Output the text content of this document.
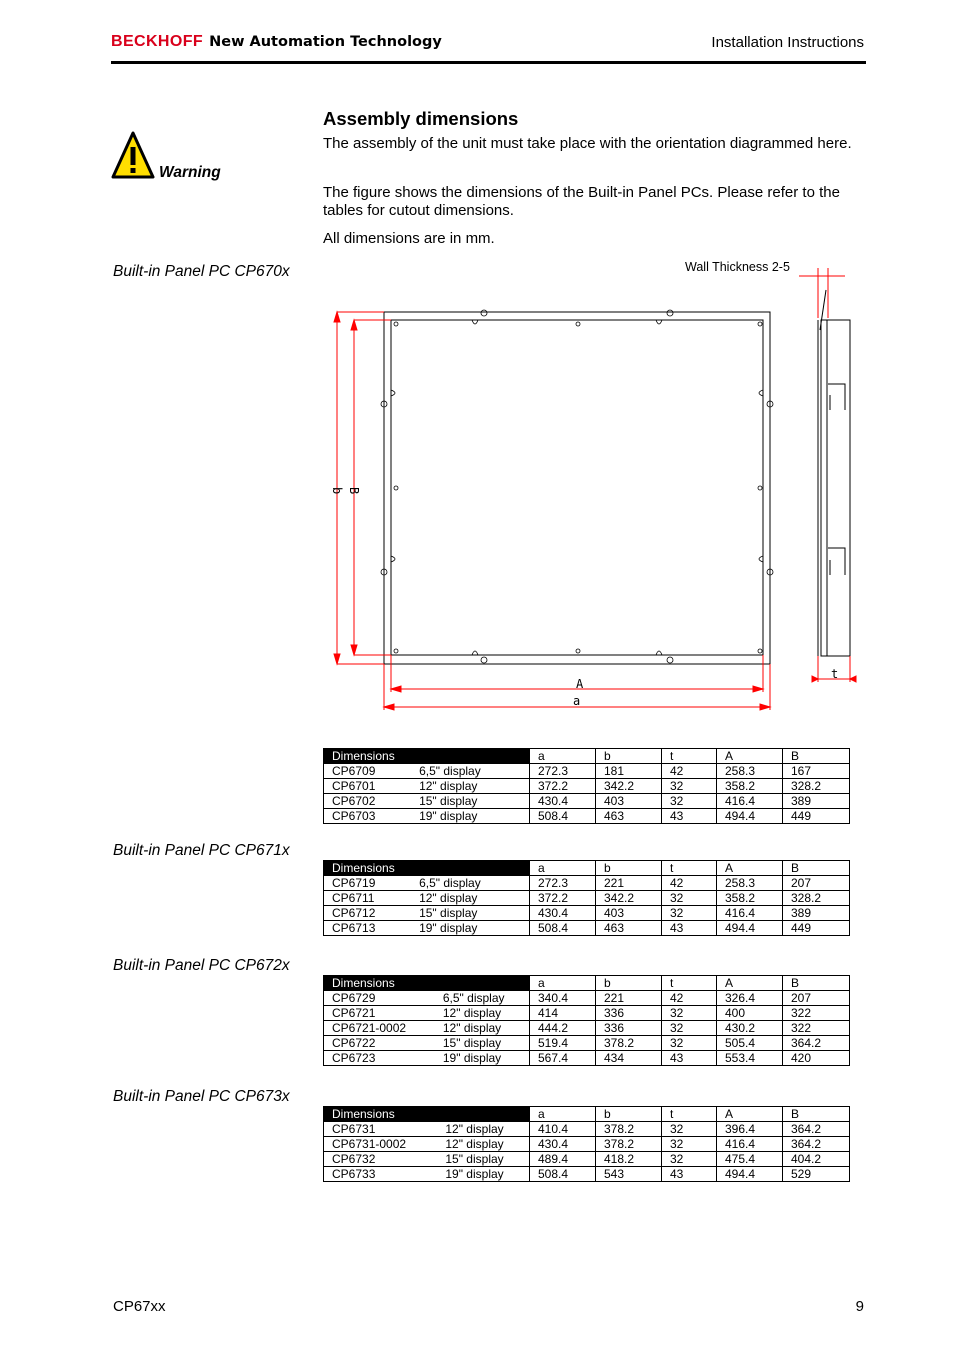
BECKHOFF New Automation Technology	Installation Instructions
Warning
Assembly dimensions
The assembly of the unit must take place with the orientation diagrammed here.
The figure shows the dimensions of the Built-in Panel PCs. Please refer to the tables for cutout dimensions.
All dimensions are in mm.
Built-in Panel PC CP670x
Built-in Panel PC CP671x
Built-in Panel PC CP672x
Built-in Panel PC CP673x
Wall Thickness 2-5
A
a
t
b B
Dimensions		a	b	t	A	B
CP6709	6,5" display	272.3	181	42	258.3	167
CP6701	12" display	372.2	342.2	32	358.2	328.2
CP6702	15" display	430.4	403	32	416.4	389
CP6703	19" display	508.4	463	43	494.4	449
Dimensions		a	b	t	A	B
CP6719	6,5" display	272.3	221	42	258.3	207
CP6711	12" display	372.2	342.2	32	358.2	328.2
CP6712	15" display	430.4	403	32	416.4	389
CP6713	19" display	508.4	463	43	494.4	449
Dimensions		a	b	t	A	B
CP6729	6,5" display	340.4	221	42	326.4	207
CP6721	12" display	414	336	32	400	322
CP6721-0002	12" display	444.2	336	32	430.2	322
CP6722	15" display	519.4	378.2	32	505.4	364.2
CP6723	19" display	567.4	434	43	553.4	420
Dimensions		a	b	t	A	B
CP6731	12" display	410.4	378.2	32	396.4	364.2
CP6731-0002	12" display	430.4	378.2	32	416.4	364.2
CP6732	15" display	489.4	418.2	32	475.4	404.2
CP6733	19" display	508.4	543	43	494.4	529
CP67xx	9
